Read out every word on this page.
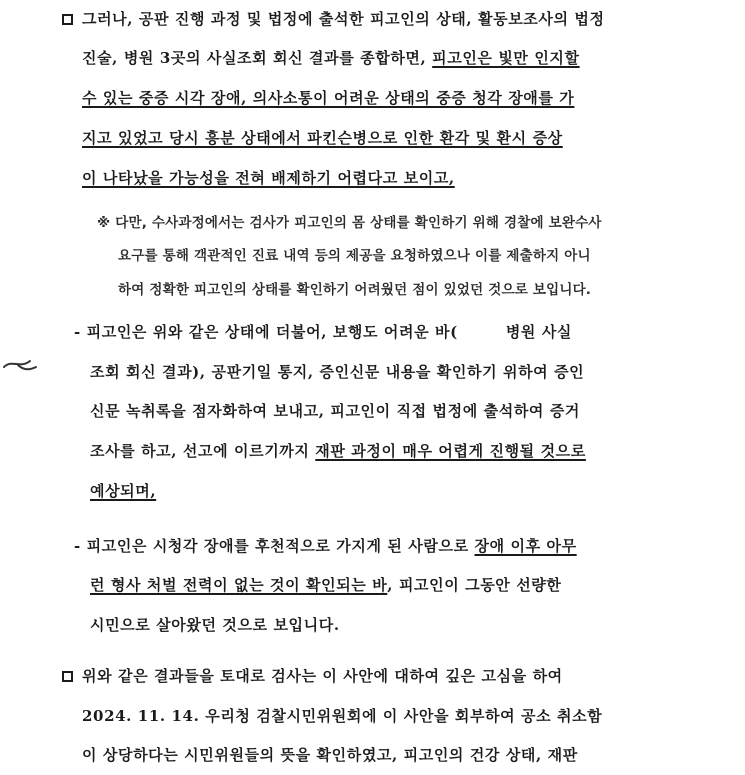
그러나, 공판 진행 과정 및 법정에 출석한 피고인의 상태, 활동보조사의 법정
진술, 병원 3곳의 사실조회 회신 결과를 종합하면, 피고인은 빛만 인지할
수 있는 중증 시각 장애, 의사소통이 어려운 상태의 중증 청각 장애를 가
지고 있었고 당시 흥분 상태에서 파킨슨병으로 인한 환각 및 환시 증상
이 나타났을 가능성을 전혀 배제하기 어렵다고 보이고,
※ 다만, 수사과정에서는 검사가 피고인의 몸 상태를 확인하기 위해 경찰에 보완수사
요구를 통해 객관적인 진료 내역 등의 제공을 요청하였으나 이를 제출하지 아니
하여 정확한 피고인의 상태를 확인하기 어려웠던 점이 있었던 것으로 보입니다.
- 피고인은 위와 같은 상태에 더불어, 보행도 어려운 바(	병원 사실
조회 회신 결과), 공판기일 통지, 증인신문 내용을 확인하기 위하여 증인
신문 녹취록을 점자화하여 보내고, 피고인이 직접 법정에 출석하여 증거
조사를 하고, 선고에 이르기까지 재판 과정이 매우 어렵게 진행될 것으로
예상되며,
- 피고인은 시청각 장애를 후천적으로 가지게 된 사람으로 장애 이후 아무
런 형사 처벌 전력이 없는 것이 확인되는 바, 피고인이 그동안 선량한
시민으로 살아왔던 것으로 보입니다.
위와 같은 결과들을 토대로 검사는 이 사안에 대하여 깊은 고심을 하여
2024. 11. 14. 우리청 검찰시민위원회에 이 사안을 회부하여 공소 취소함
이 상당하다는 시민위원들의 뜻을 확인하였고, 피고인의 건강 상태, 재판
